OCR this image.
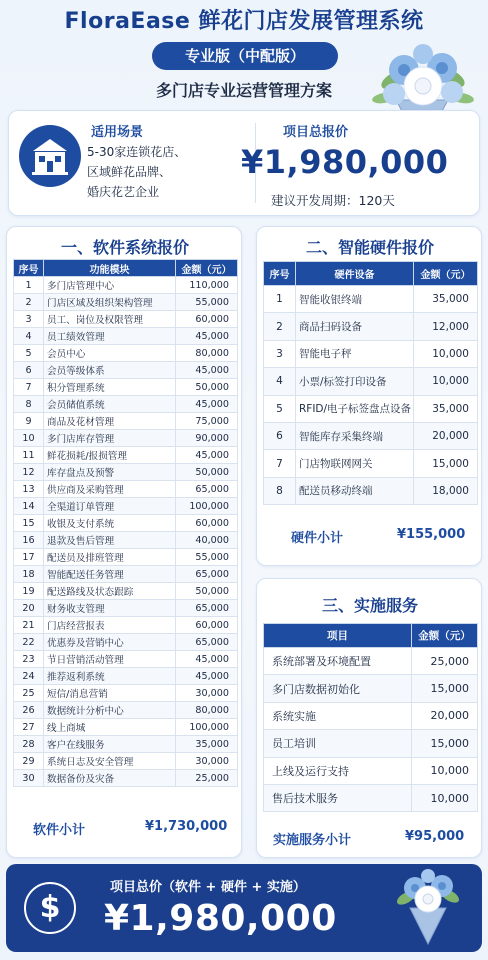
FloraEase 鲜花门店发展管理系统
专业版（中配版）
多门店专业运营管理方案
适用场景
5-30家连锁花店、
区域鲜花品牌、
婚庆花艺企业
项目总报价
¥1,980,000
建议开发周期：120天
一、软件系统报价
序号	功能模块	金额（元）
1	多门店管理中心	110,000
2	门店区域及组织架构管理	55,000
3	员工、岗位及权限管理	60,000
4	员工绩效管理	45,000
5	会员中心	80,000
6	会员等级体系	45,000
7	积分管理系统	50,000
8	会员储值系统	45,000
9	商品及花材管理	75,000
10	多门店库存管理	90,000
11	鲜花损耗/报损管理	45,000
12	库存盘点及预警	50,000
13	供应商及采购管理	65,000
14	全渠道订单管理	100,000
15	收银及支付系统	60,000
16	退款及售后管理	40,000
17	配送员及排班管理	55,000
18	智能配送任务管理	65,000
19	配送路线及状态跟踪	50,000
20	财务收支管理	65,000
21	门店经营报表	60,000
22	优惠券及营销中心	65,000
23	节日营销活动管理	45,000
24	推荐返利系统	45,000
25	短信/消息营销	30,000
26	数据统计分析中心	80,000
27	线上商城	100,000
28	客户在线服务	35,000
29	系统日志及安全管理	30,000
30	数据备份及灾备	25,000
软件小计	¥1,730,000
二、智能硬件报价
序号	硬件设备	金额（元）
1	智能收银终端	35,000
2	商品扫码设备	12,000
3	智能电子秤	10,000
4	小票/标签打印设备	10,000
5	RFID/电子标签盘点设备	35,000
6	智能库存采集终端	20,000
7	门店物联网网关	15,000
8	配送员移动终端	18,000
硬件小计	¥155,000
三、实施服务
项目	金额（元）
系统部署及环境配置	25,000
多门店数据初始化	15,000
系统实施	20,000
员工培训	15,000
上线及运行支持	10,000
售后技术服务	10,000
实施服务小计	¥95,000
$
项目总价（软件 + 硬件 + 实施）
¥1,980,000
